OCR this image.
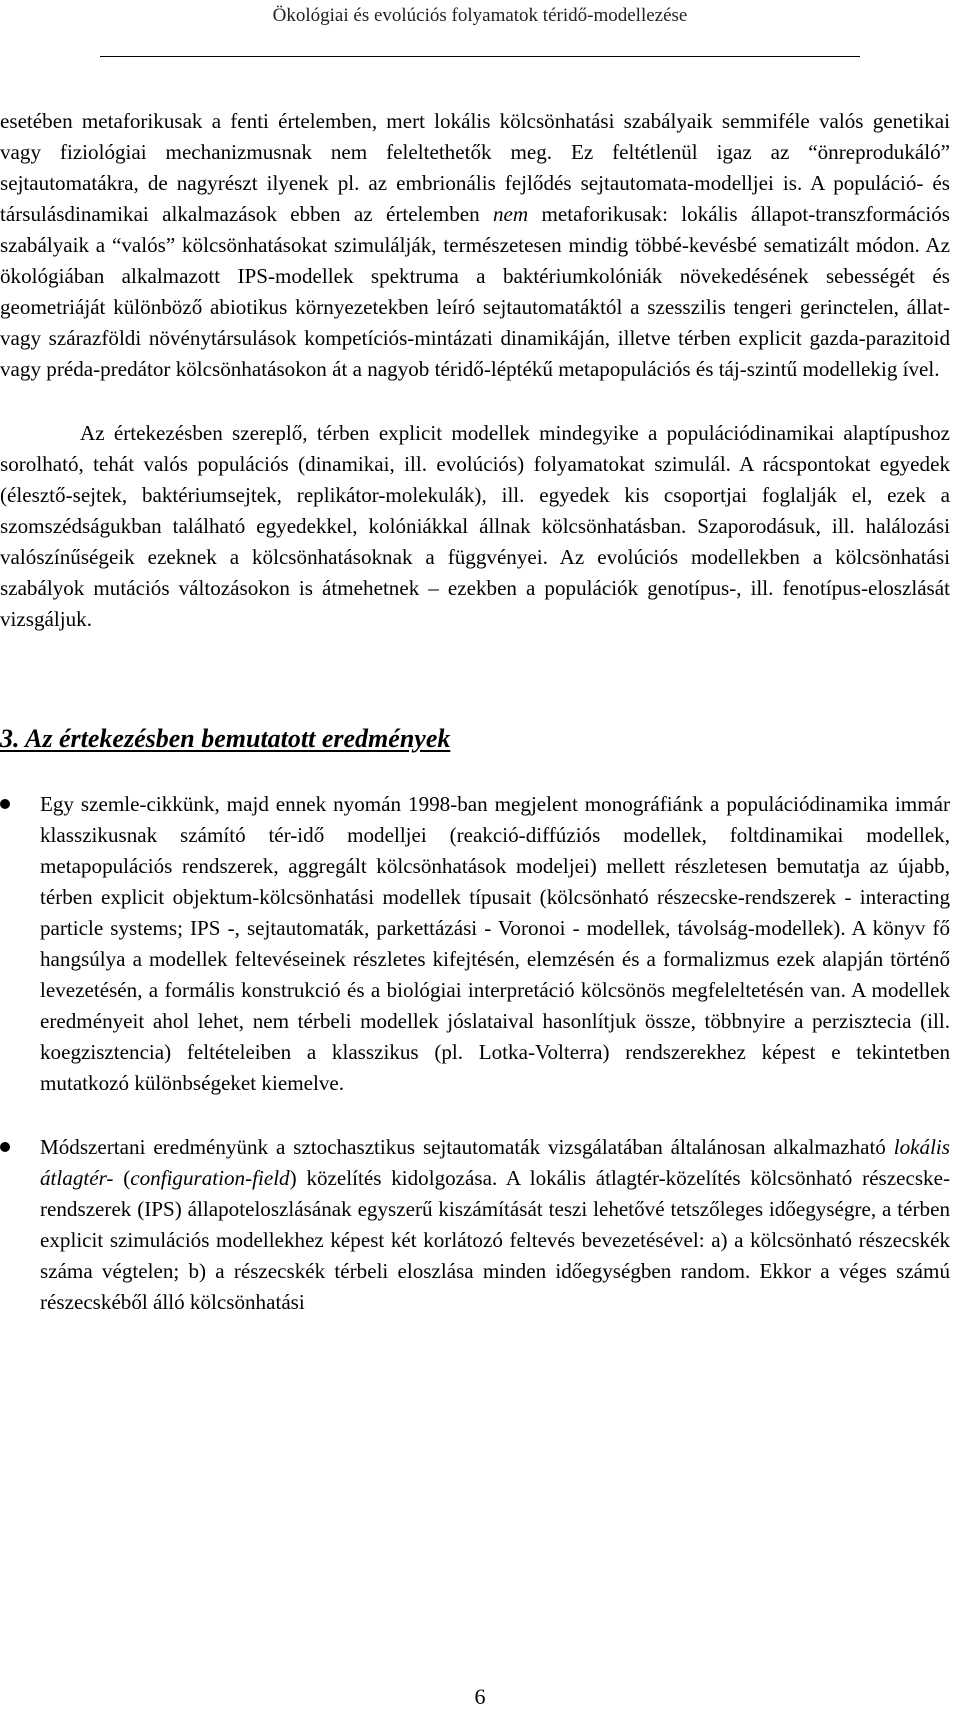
Ökológiai és evolúciós folyamatok téridő-modellezése

esetében metaforikusak a fenti értelemben, mert lokális kölcsönhatási szabályaik semmiféle valós genetikai vagy fiziológiai mechanizmusnak nem feleltethetők meg. Ez feltétlenül igaz az “önreprodukáló” sejtautomatákra, de nagyrészt ilyenek pl. az embrionális fejlődés sejtautomata-modelljei is. A populáció- és társulásdinamikai alkalmazások ebben az értelemben nem metaforikusak: lokális állapot-transzformációs szabályaik a “valós” kölcsönhatásokat szimulálják, természetesen mindig többé-kevésbé sematizált módon. Az ökológiában alkalmazott IPS-modellek spektruma a baktériumkolóniák növekedésének sebességét és geometriáját különböző abiotikus környezetekben leíró sejtautomatáktól a szesszilis tengeri gerinctelen, állat- vagy szárazföldi növénytársulások kompetíciós-mintázati dinamikáján, illetve térben explicit gazda-parazitoid vagy préda-predátor kölcsönhatásokon át a nagyob téridő-léptékű metapopulációs és táj-szintű modellekig ível.

Az értekezésben szereplő, térben explicit modellek mindegyike a populációdinamikai alaptípushoz sorolható, tehát valós populációs (dinamikai, ill. evolúciós) folyamatokat szimulál. A rácspontokat egyedek (élesztő-sejtek, baktériumsejtek, replikátor-molekulák), ill. egyedek kis csoportjai foglalják el, ezek a szomszédságukban található egyedekkel, kolóniákkal állnak kölcsönhatásban. Szaporodásuk, ill. halálozási valószínűségeik ezeknek a kölcsönhatásoknak a függvényei. Az evolúciós modellekben a kölcsönhatási szabályok mutációs változásokon is átmehetnek – ezekben a populációk genotípus-, ill. fenotípus-eloszlását vizsgáljuk.

3. Az értekezésben bemutatott eredmények
Egy szemle-cikkünk, majd ennek nyomán 1998-ban megjelent monográfiánk a populációdinamika immár klasszikusnak számító tér-idő modelljei (reakció-diffúziós modellek, foltdinamikai modellek, metapopulációs rendszerek, aggregált kölcsönhatások modeljei) mellett részletesen bemutatja az újabb, térben explicit objektum-kölcsönhatási modellek típusait (kölcsönható részecske-rendszerek - interacting particle systems; IPS -, sejtautomaták, parkettázási - Voronoi - modellek, távolság-modellek). A könyv fő hangsúlya a modellek feltevéseinek részletes kifejtésén, elemzésén és a formalizmus ezek alapján történő levezetésén, a formális konstrukció és a biológiai interpretáció kölcsönös megfeleltetésén van. A modellek eredményeit ahol lehet, nem térbeli modellek jóslataival hasonlítjuk össze, többnyire a perzisztecia (ill. koegzisztencia) feltételeiben a klasszikus (pl. Lotka-Volterra) rendszerekhez képest e tekintetben mutatkozó különbségeket kiemelve.
Módszertani eredményünk a sztochasztikus sejtautomaták vizsgálatában általánosan alkalmazható lokális átlagtér- (configuration-field) közelítés kidolgozása. A lokális átlagtér-közelítés kölcsönható részecske-rendszerek (IPS) állapoteloszlásának egyszerű kiszámítását teszi lehetővé tetszőleges időegységre, a térben explicit szimulációs modellekhez képest két korlátozó feltevés bevezetésével: a) a kölcsönható részecskék száma végtelen; b) a részecskék térbeli eloszlása minden időegységben random. Ekkor a véges számú részecskéből álló kölcsönhatási
6
